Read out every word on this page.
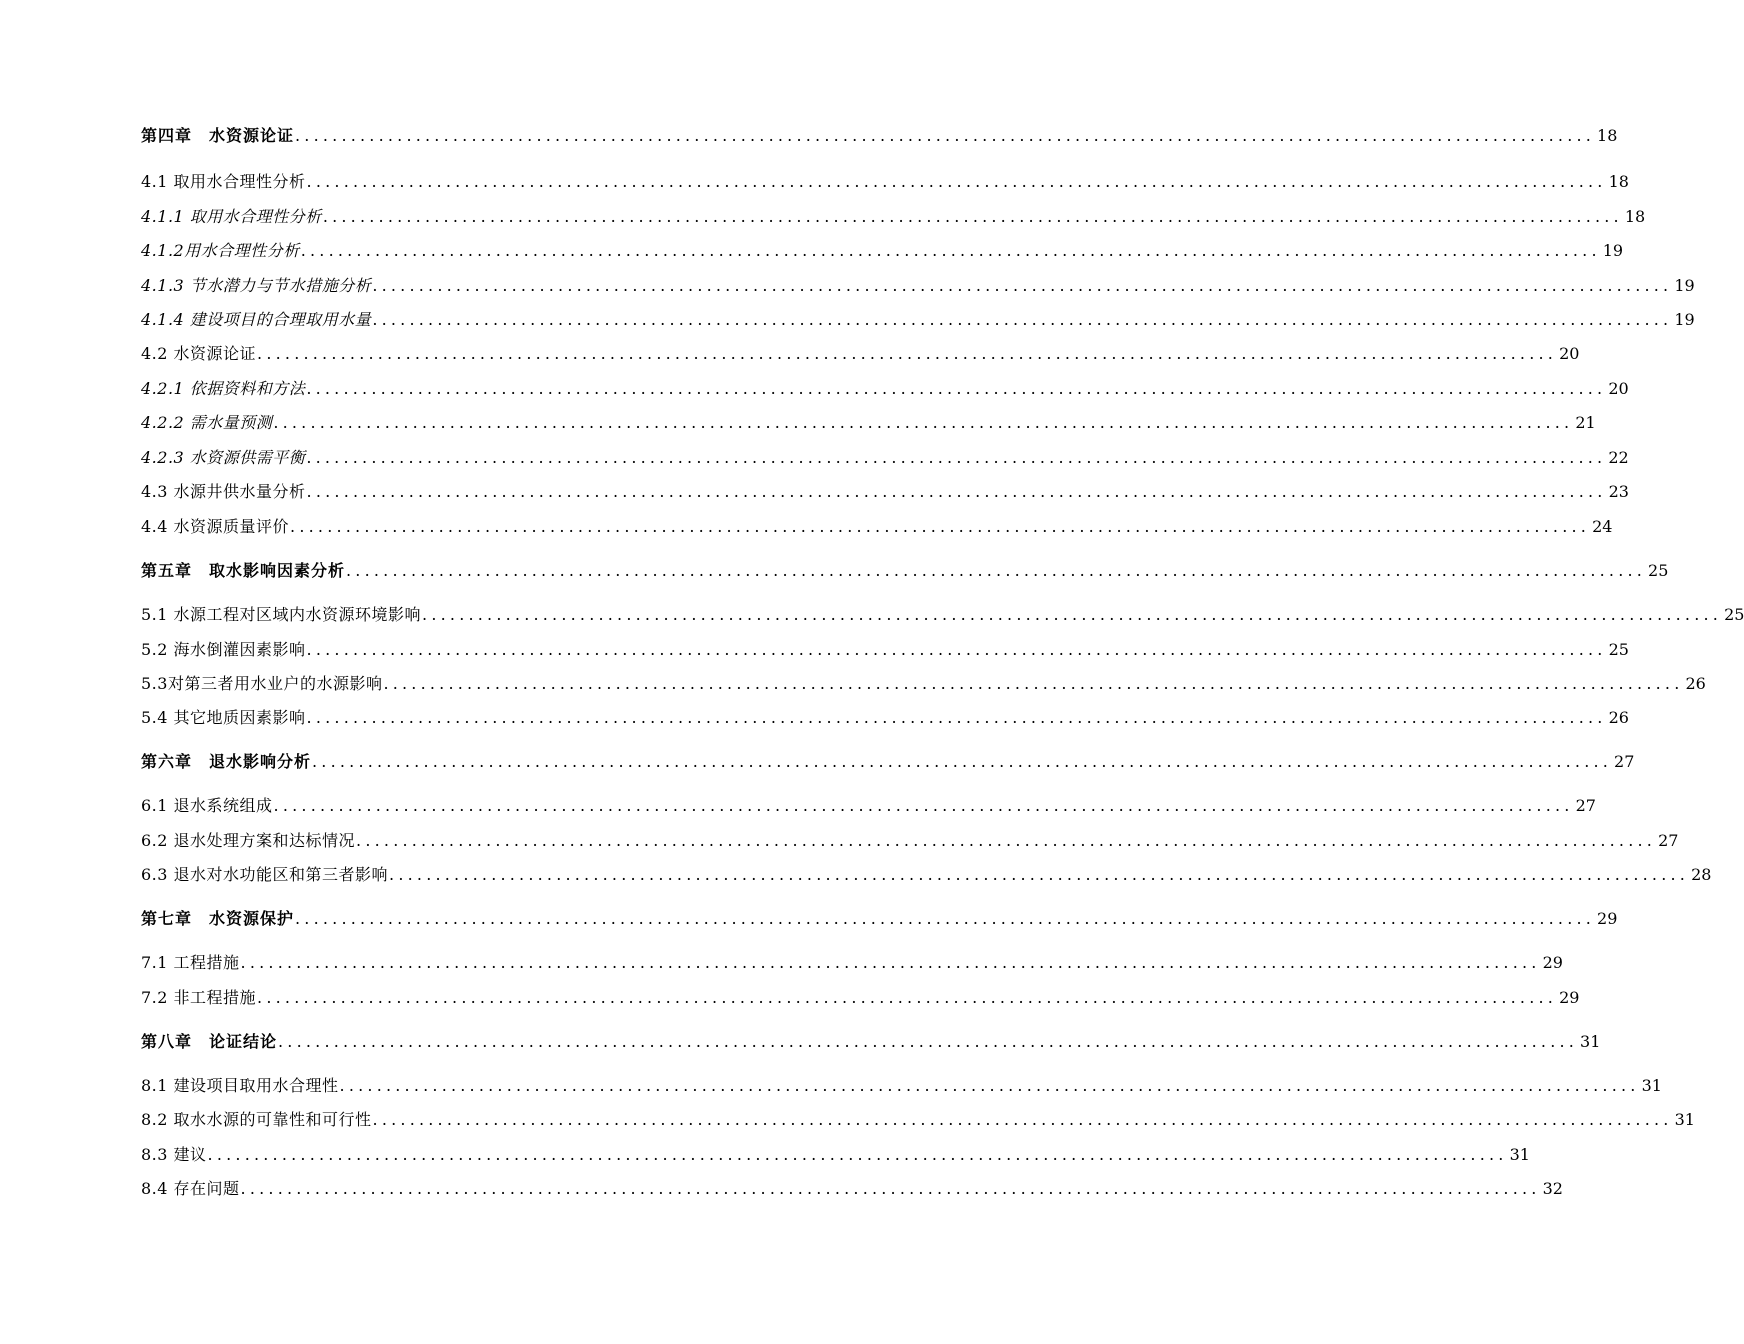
第四章　水资源论证 ............................................................................................................................................ 18
4.1 取用水合理性分析 ............................................................................................................................................ 18
4.1.1 取用水合理性分析 ............................................................................................................................................ 18
4.1.2用水合理性分析 ............................................................................................................................................ 19
4.1.3 节水潜力与节水措施分析 ............................................................................................................................................ 19
4.1.4 建设项目的合理取用水量 ............................................................................................................................................ 19
4.2 水资源论证 ............................................................................................................................................ 20
4.2.1 依据资料和方法 ............................................................................................................................................ 20
4.2.2 需水量预测 ............................................................................................................................................ 21
4.2.3 水资源供需平衡 ............................................................................................................................................ 22
4.3 水源井供水量分析 ............................................................................................................................................ 23
4.4 水资源质量评价 ............................................................................................................................................ 24
第五章　取水影响因素分析 ............................................................................................................................................ 25
5.1 水源工程对区域内水资源环境影响 ............................................................................................................................................ 25
5.2 海水倒灌因素影响 ............................................................................................................................................ 25
5.3对第三者用水业户的水源影响 ............................................................................................................................................ 26
5.4 其它地质因素影响 ............................................................................................................................................ 26
第六章　退水影响分析 ............................................................................................................................................ 27
6.1 退水系统组成 ............................................................................................................................................ 27
6.2 退水处理方案和达标情况 ............................................................................................................................................ 27
6.3 退水对水功能区和第三者影响 ............................................................................................................................................ 28
第七章　水资源保护 ............................................................................................................................................ 29
7.1 工程措施 ............................................................................................................................................ 29
7.2 非工程措施 ............................................................................................................................................ 29
第八章　论证结论 ............................................................................................................................................ 31
8.1 建设项目取用水合理性 ............................................................................................................................................ 31
8.2 取水水源的可靠性和可行性 ............................................................................................................................................ 31
8.3 建议 ............................................................................................................................................ 31
8.4 存在问题 ............................................................................................................................................ 32
